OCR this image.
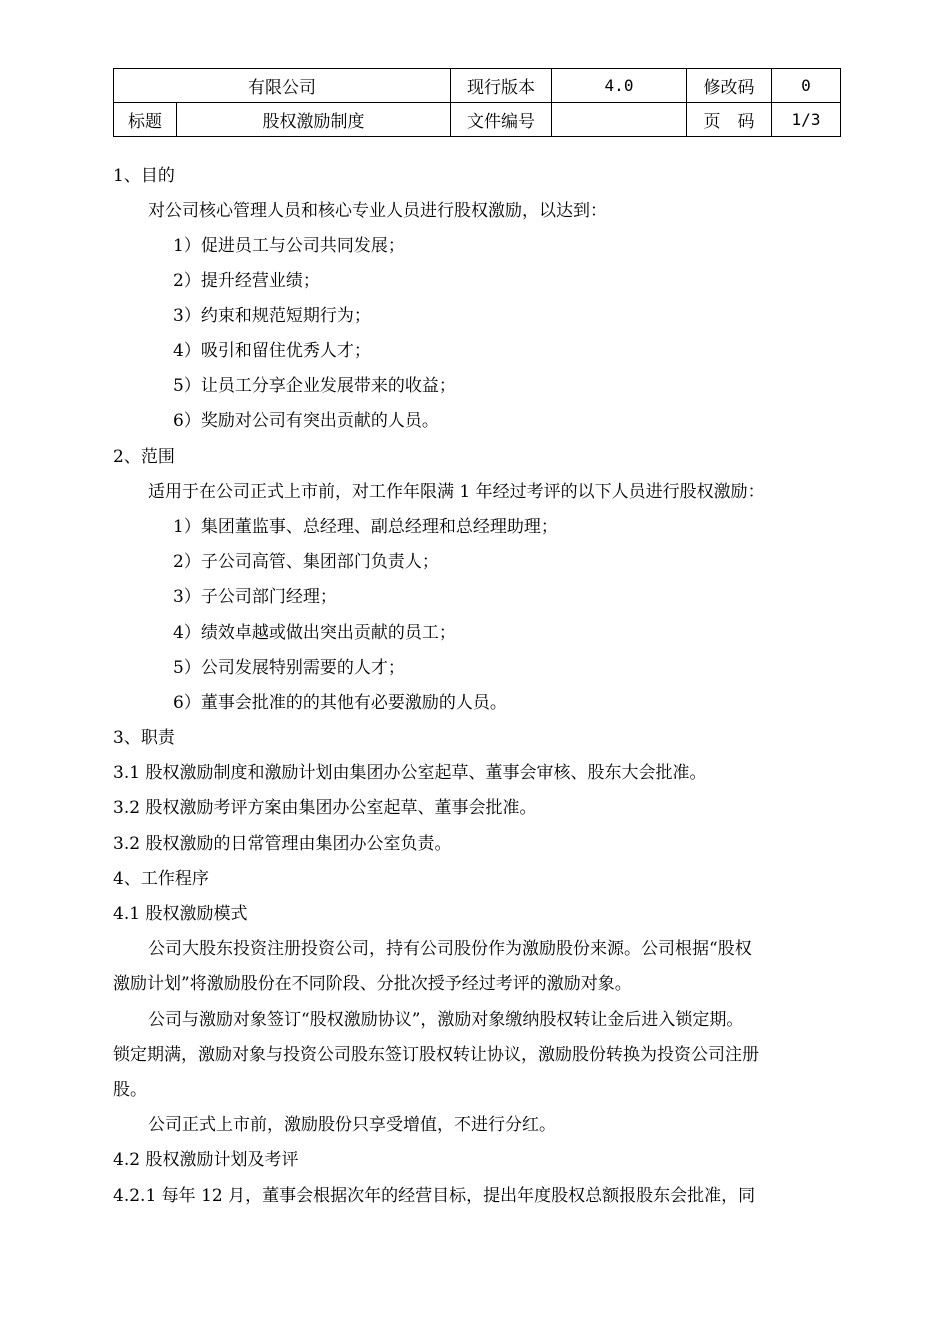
有限公司		现行版本	4.0	修改码	0
标题	股权激励制度	文件编号		页　码	1/3
1、目的
对公司核心管理人员和核心专业人员进行股权激励，以达到：
1）促进员工与公司共同发展；
2）提升经营业绩；
3）约束和规范短期行为；
4）吸引和留住优秀人才；
5）让员工分享企业发展带来的收益；
6）奖励对公司有突出贡献的人员。
2、范围
适用于在公司正式上市前，对工作年限满 1 年经过考评的以下人员进行股权激励：
1）集团董监事、总经理、副总经理和总经理助理；
2）子公司高管、集团部门负责人；
3）子公司部门经理；
4）绩效卓越或做出突出贡献的员工；
5）公司发展特别需要的人才；
6）董事会批准的的其他有必要激励的人员。
3、职责
3.1 股权激励制度和激励计划由集团办公室起草、董事会审核、股东大会批准。
3.2 股权激励考评方案由集团办公室起草、董事会批准。
3.2 股权激励的日常管理由集团办公室负责。
4、工作程序
4.1 股权激励模式
公司大股东投资注册投资公司，持有公司股份作为激励股份来源。公司根据“股权
激励计划”将激励股份在不同阶段、分批次授予经过考评的激励对象。
公司与激励对象签订“股权激励协议”，激励对象缴纳股权转让金后进入锁定期。
锁定期满，激励对象与投资公司股东签订股权转让协议，激励股份转换为投资公司注册
股。
公司正式上市前，激励股份只享受增值，不进行分红。
4.2 股权激励计划及考评
4.2.1 每年 12 月，董事会根据次年的经营目标，提出年度股权总额报股东会批准，同
